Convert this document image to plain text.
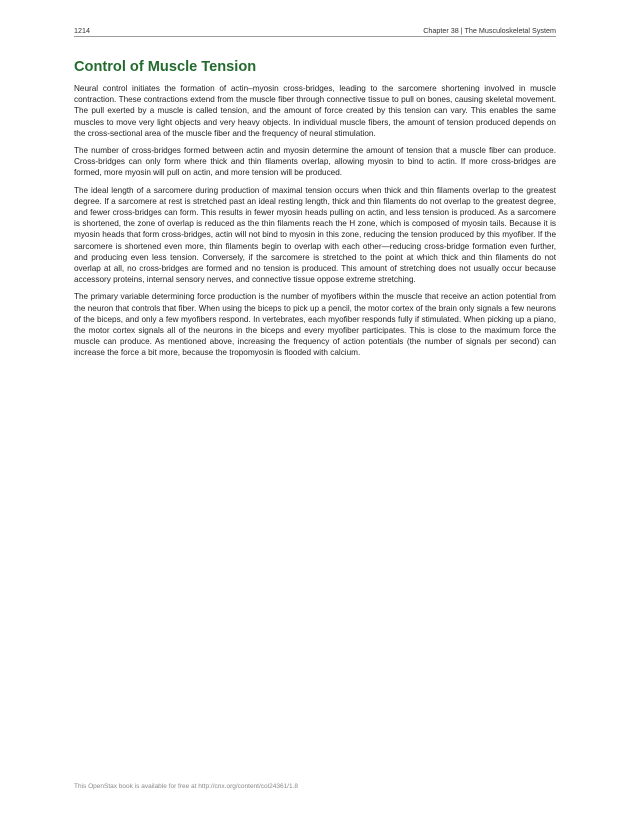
1214	Chapter 38 | The Musculoskeletal System
Control of Muscle Tension

Neural control initiates the formation of actin–myosin cross-bridges, leading to the sarcomere shortening involved in muscle contraction. These contractions extend from the muscle fiber through connective tissue to pull on bones, causing skeletal movement. The pull exerted by a muscle is called tension, and the amount of force created by this tension can vary. This enables the same muscles to move very light objects and very heavy objects. In individual muscle fibers, the amount of tension produced depends on the cross-sectional area of the muscle fiber and the frequency of neural stimulation.

The number of cross-bridges formed between actin and myosin determine the amount of tension that a muscle fiber can produce. Cross-bridges can only form where thick and thin filaments overlap, allowing myosin to bind to actin. If more cross-bridges are formed, more myosin will pull on actin, and more tension will be produced.

The ideal length of a sarcomere during production of maximal tension occurs when thick and thin filaments overlap to the greatest degree. If a sarcomere at rest is stretched past an ideal resting length, thick and thin filaments do not overlap to the greatest degree, and fewer cross-bridges can form. This results in fewer myosin heads pulling on actin, and less tension is produced. As a sarcomere is shortened, the zone of overlap is reduced as the thin filaments reach the H zone, which is composed of myosin tails. Because it is myosin heads that form cross-bridges, actin will not bind to myosin in this zone, reducing the tension produced by this myofiber. If the sarcomere is shortened even more, thin filaments begin to overlap with each other—reducing cross-bridge formation even further, and producing even less tension. Conversely, if the sarcomere is stretched to the point at which thick and thin filaments do not overlap at all, no cross-bridges are formed and no tension is produced. This amount of stretching does not usually occur because accessory proteins, internal sensory nerves, and connective tissue oppose extreme stretching.

The primary variable determining force production is the number of myofibers within the muscle that receive an action potential from the neuron that controls that fiber. When using the biceps to pick up a pencil, the motor cortex of the brain only signals a few neurons of the biceps, and only a few myofibers respond. In vertebrates, each myofiber responds fully if stimulated. When picking up a piano, the motor cortex signals all of the neurons in the biceps and every myofiber participates. This is close to the maximum force the muscle can produce. As mentioned above, increasing the frequency of action potentials (the number of signals per second) can increase the force a bit more, because the tropomyosin is flooded with calcium.

This OpenStax book is available for free at http://cnx.org/content/col24361/1.8
